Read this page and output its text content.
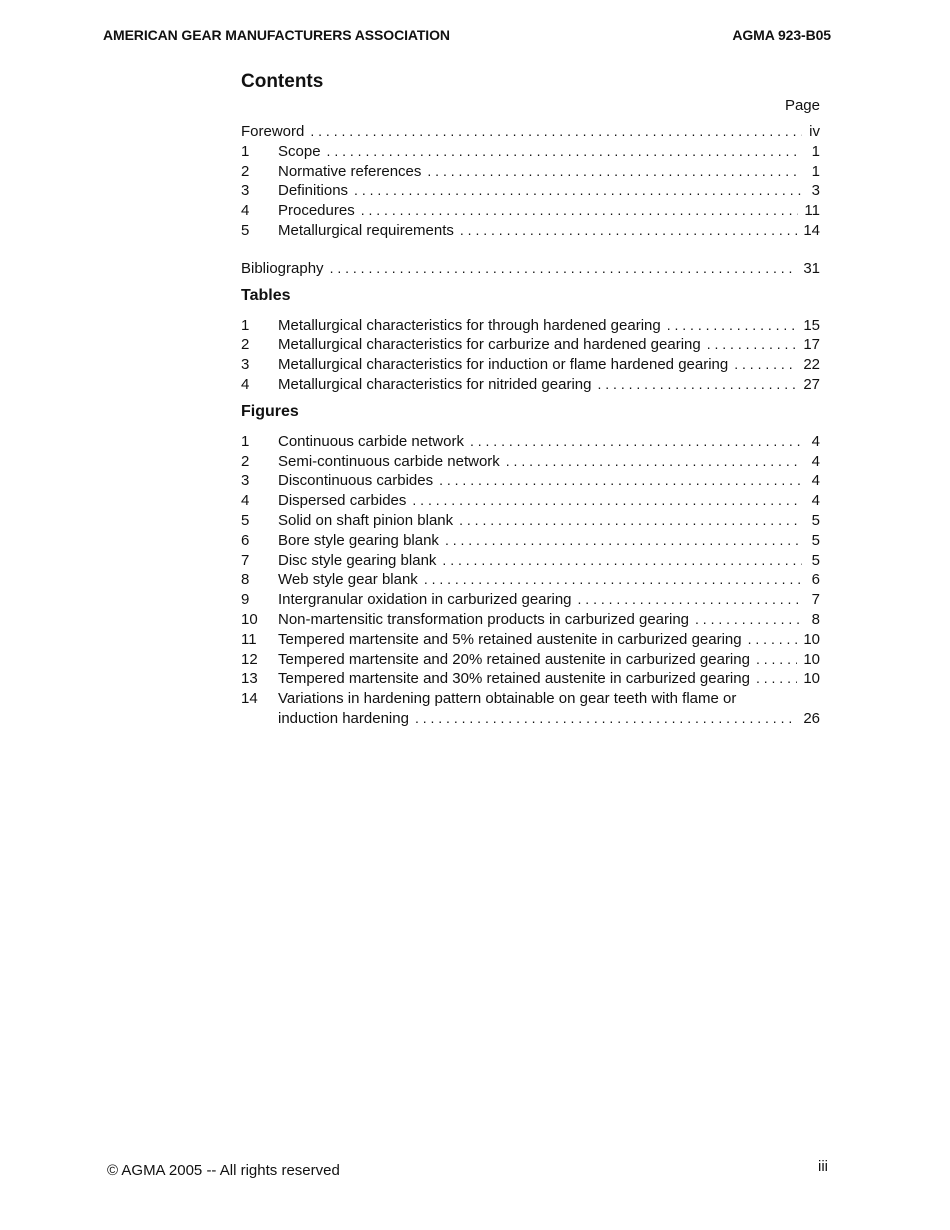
AMERICAN GEAR MANUFACTURERS ASSOCIATION	AGMA 923-B05
Contents
Page
Foreword . . .	iv
1	Scope . . .	1
2	Normative references . . .	1
3	Definitions . . .	3
4	Procedures . . .	11
5	Metallurgical requirements . . .	14
Bibliography . . .	31
Tables
1	Metallurgical characteristics for through hardened gearing . . .	15
2	Metallurgical characteristics for carburize and hardened gearing . . .	17
3	Metallurgical characteristics for induction or flame hardened gearing . . .	22
4	Metallurgical characteristics for nitrided gearing . . .	27
Figures
1	Continuous carbide network . . .	4
2	Semi-continuous carbide network . . .	4
3	Discontinuous carbides . . .	4
4	Dispersed carbides . . .	4
5	Solid on shaft pinion blank . . .	5
6	Bore style gearing blank . . .	5
7	Disc style gearing blank . . .	5
8	Web style gear blank . . .	6
9	Intergranular oxidation in carburized gearing . . .	7
10	Non-martensitic transformation products in carburized gearing . . .	8
11	Tempered martensite and 5% retained austenite in carburized gearing . . .	10
12	Tempered martensite and 20% retained austenite in carburized gearing . . .	10
13	Tempered martensite and 30% retained austenite in carburized gearing . . .	10
14	Variations in hardening pattern obtainable on gear teeth with flame or
induction hardening . . .	26
© AGMA 2005 -- All rights reserved	iii
